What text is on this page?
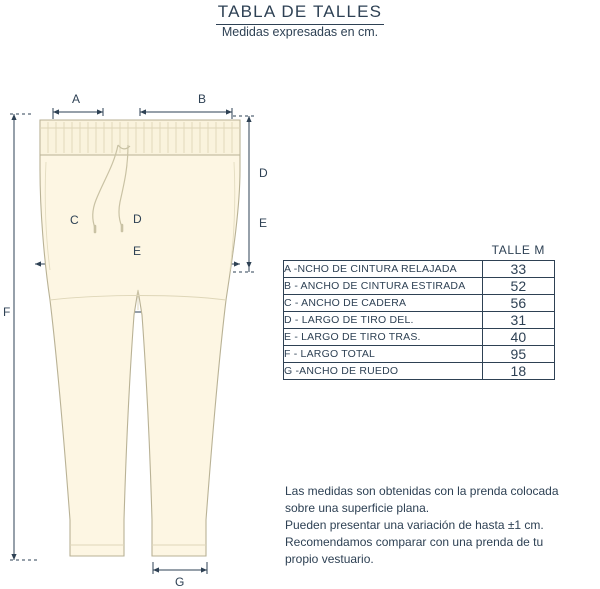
TABLA DE TALLES
Medidas expresadas en cm.
A	B
C	D
E
D
E
F
G
	TALLE M
A -NCHO DE CINTURA RELAJADA	33
B - ANCHO DE CINTURA ESTIRADA	52
C - ANCHO DE CADERA	56
D - LARGO DE TIRO DEL.	31
E - LARGO DE TIRO TRAS.	40
F - LARGO TOTAL	95
G -ANCHO DE RUEDO	18

Las medidas son obtenidas con la prenda colocada

sobre una superficie plana.

Pueden presentar una variación de hasta ±1 cm.

Recomendamos comparar con una prenda de tu

propio vestuario.
